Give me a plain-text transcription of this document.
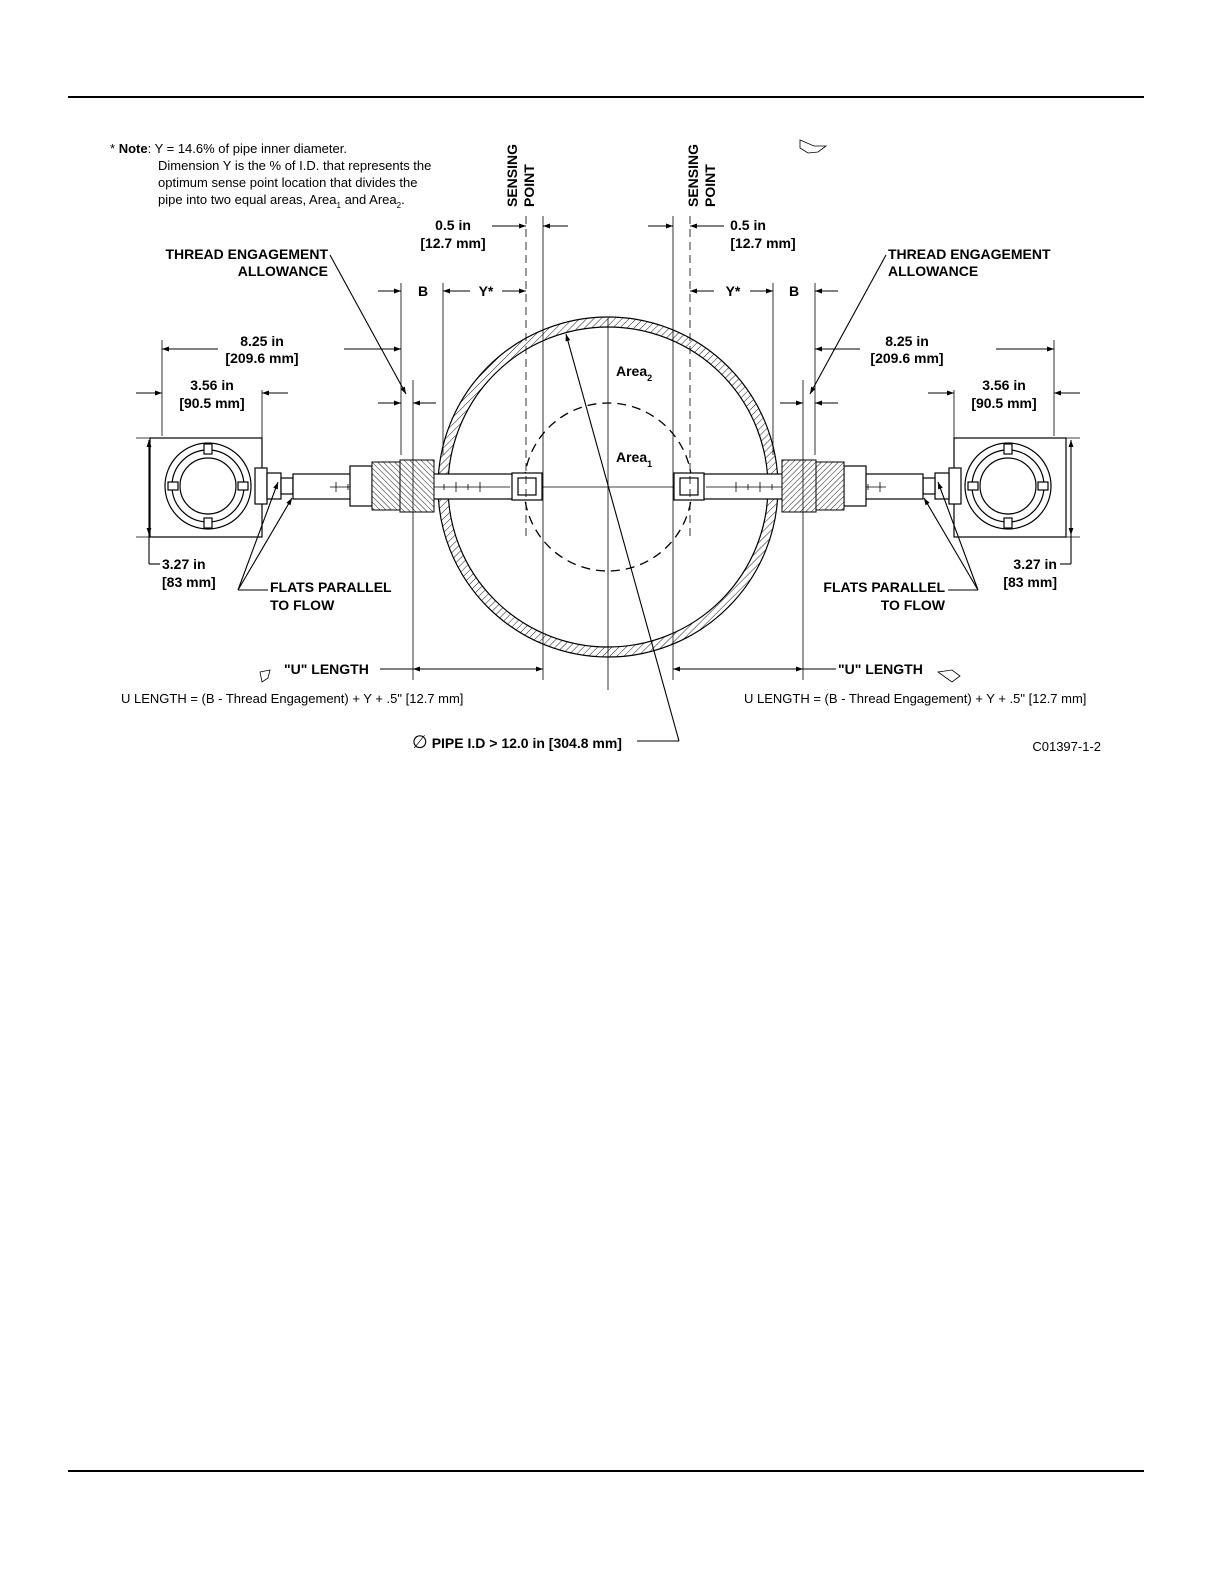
* Note: Y = 14.6% of pipe inner diameter.
Dimension Y is the % of I.D. that represents the
optimum sense point location that divides the
pipe into two equal areas, Area$_1$ and Area$_2$.	SENSING POINT	SENSING POINT
Area$_2$
Area$_1$
0.5 in
[12.7 mm]
0.5 in
[12.7 mm]
THREAD ENGAGEMENT
ALLOWANCE
THREAD ENGAGEMENT
ALLOWANCE
B	Y*	Y*	B
8.25 in
[209.6 mm]
8.25 in
[209.6 mm]
3.56 in
[90.5 mm]
3.56 in
[90.5 mm]
3.27 in
[83 mm]
3.27 in
[83 mm]
FLATS PARALLEL
TO FLOW
FLATS PARALLEL
TO FLOW
"U" LENGTH	"U" LENGTH
U LENGTH = (B - Thread Engagement) + Y + .5" [12.7 mm]	U LENGTH = (B - Thread Engagement) + Y + .5" [12.7 mm]
∅ PIPE I.D > 12.0 in [304.8 mm]	C01397-1-2
